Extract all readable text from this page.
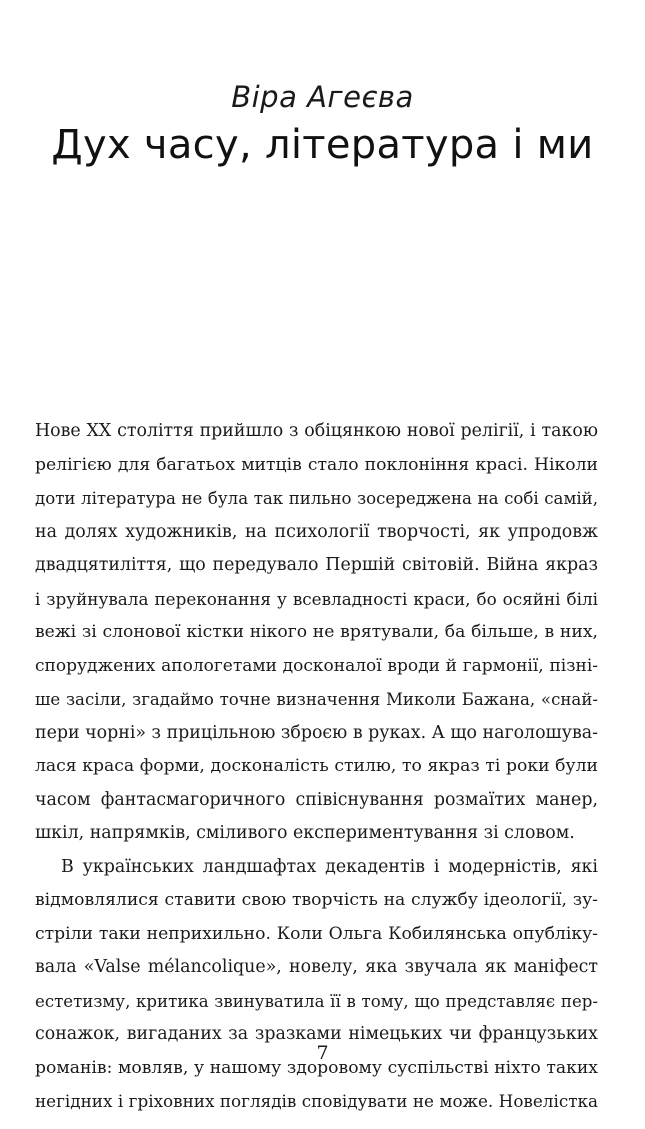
Віра Агеєва
Дух часу, література і ми
Нове XX століття прийшло з обіцянкою нової релігії, і такою
релігією для багатьох митців стало поклоніння красі. Ніколи
доти література не була так пильно зосереджена на собі самій,
на долях художників, на психології творчості, як упродовж
двадцятиліття, що передувало Першій світовій. Війна якраз
і зруйнувала переконання у всевладності краси, бо осяйні білі
вежі зі слонової кістки нікого не врятували, ба більше, в них,
споруджених апологетами досконалої вроди й гармонії, пізні-
ше засіли, згадаймо точне визначення Миколи Бажана, «снай-
пери чорні» з прицільною зброєю в руках. А що наголошува-
лася краса форми, досконалість стилю, то якраз ті роки були
часом фантасмагоричного співіснування розмаїтих манер,
шкіл, напрямків, сміливого експериментування зі словом.
В українських ландшафтах декадентів і модерністів, які
відмовлялися ставити свою творчість на службу ідеології, зу-
стріли таки неприхильно. Коли Ольга Кобилянська опубліку-
вала «Valse mélancolique», новелу, яка звучала як маніфест
естетизму, критика звинуватила її в тому, що представляє пер-
сонажок, вигаданих за зразками німецьких чи французьких
романів: мовляв, у нашому здоровому суспільстві ніхто таких
негідних і гріховних поглядів сповідувати не може. Новелістка
7
